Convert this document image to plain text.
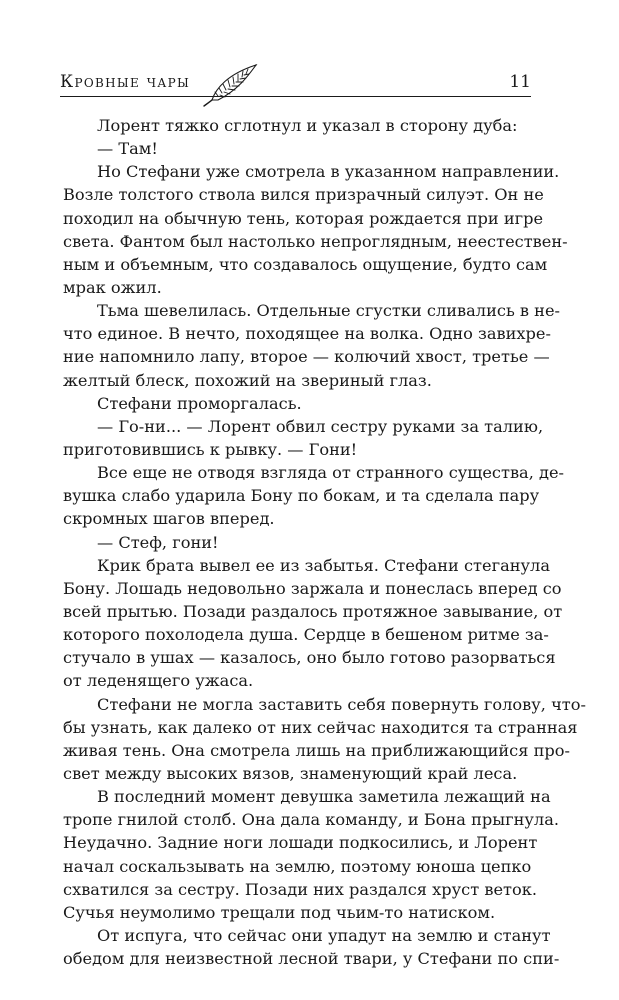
Кровные чары	11
Лорент тяжко сглотнул и указал в сторону дуба:
— Там!
Но Стефани уже смотрела в указанном направлении.
Возле толстого ствола вился призрачный силуэт. Он не
походил на обычную тень, которая рождается при игре
света. Фантом был настолько непроглядным, неестествен-
ным и объемным, что создавалось ощущение, будто сам
мрак ожил.
Тьма шевелилась. Отдельные сгустки сливались в не-
что единое. В нечто, походящее на волка. Одно завихре-
ние напомнило лапу, второе — колючий хвост, третье —
желтый блеск, похожий на звериный глаз.
Стефани проморгалась.
— Го-ни... — Лорент обвил сестру руками за талию,
приготовившись к рывку. — Гони!
Все еще не отводя взгляда от странного существа, де-
вушка слабо ударила Бону по бокам, и та сделала пару
скромных шагов вперед.
— Стеф, гони!
Крик брата вывел ее из забытья. Стефани стеганула
Бону. Лошадь недовольно заржала и понеслась вперед со
всей прытью. Позади раздалось протяжное завывание, от
которого похолодела душа. Сердце в бешеном ритме за-
стучало в ушах — казалось, оно было готово разорваться
от леденящего ужаса.
Стефани не могла заставить себя повернуть голову, что-
бы узнать, как далеко от них сейчас находится та странная
живая тень. Она смотрела лишь на приближающийся про-
свет между высоких вязов, знаменующий край леса.
В последний момент девушка заметила лежащий на
тропе гнилой столб. Она дала команду, и Бона прыгнула.
Неудачно. Задние ноги лошади подкосились, и Лорент
начал соскальзывать на землю, поэтому юноша цепко
схватился за сестру. Позади них раздался хруст веток.
Сучья неумолимо трещали под чьим-то натиском.
От испуга, что сейчас они упадут на землю и станут
обедом для неизвестной лесной твари, у Стефани по спи-
